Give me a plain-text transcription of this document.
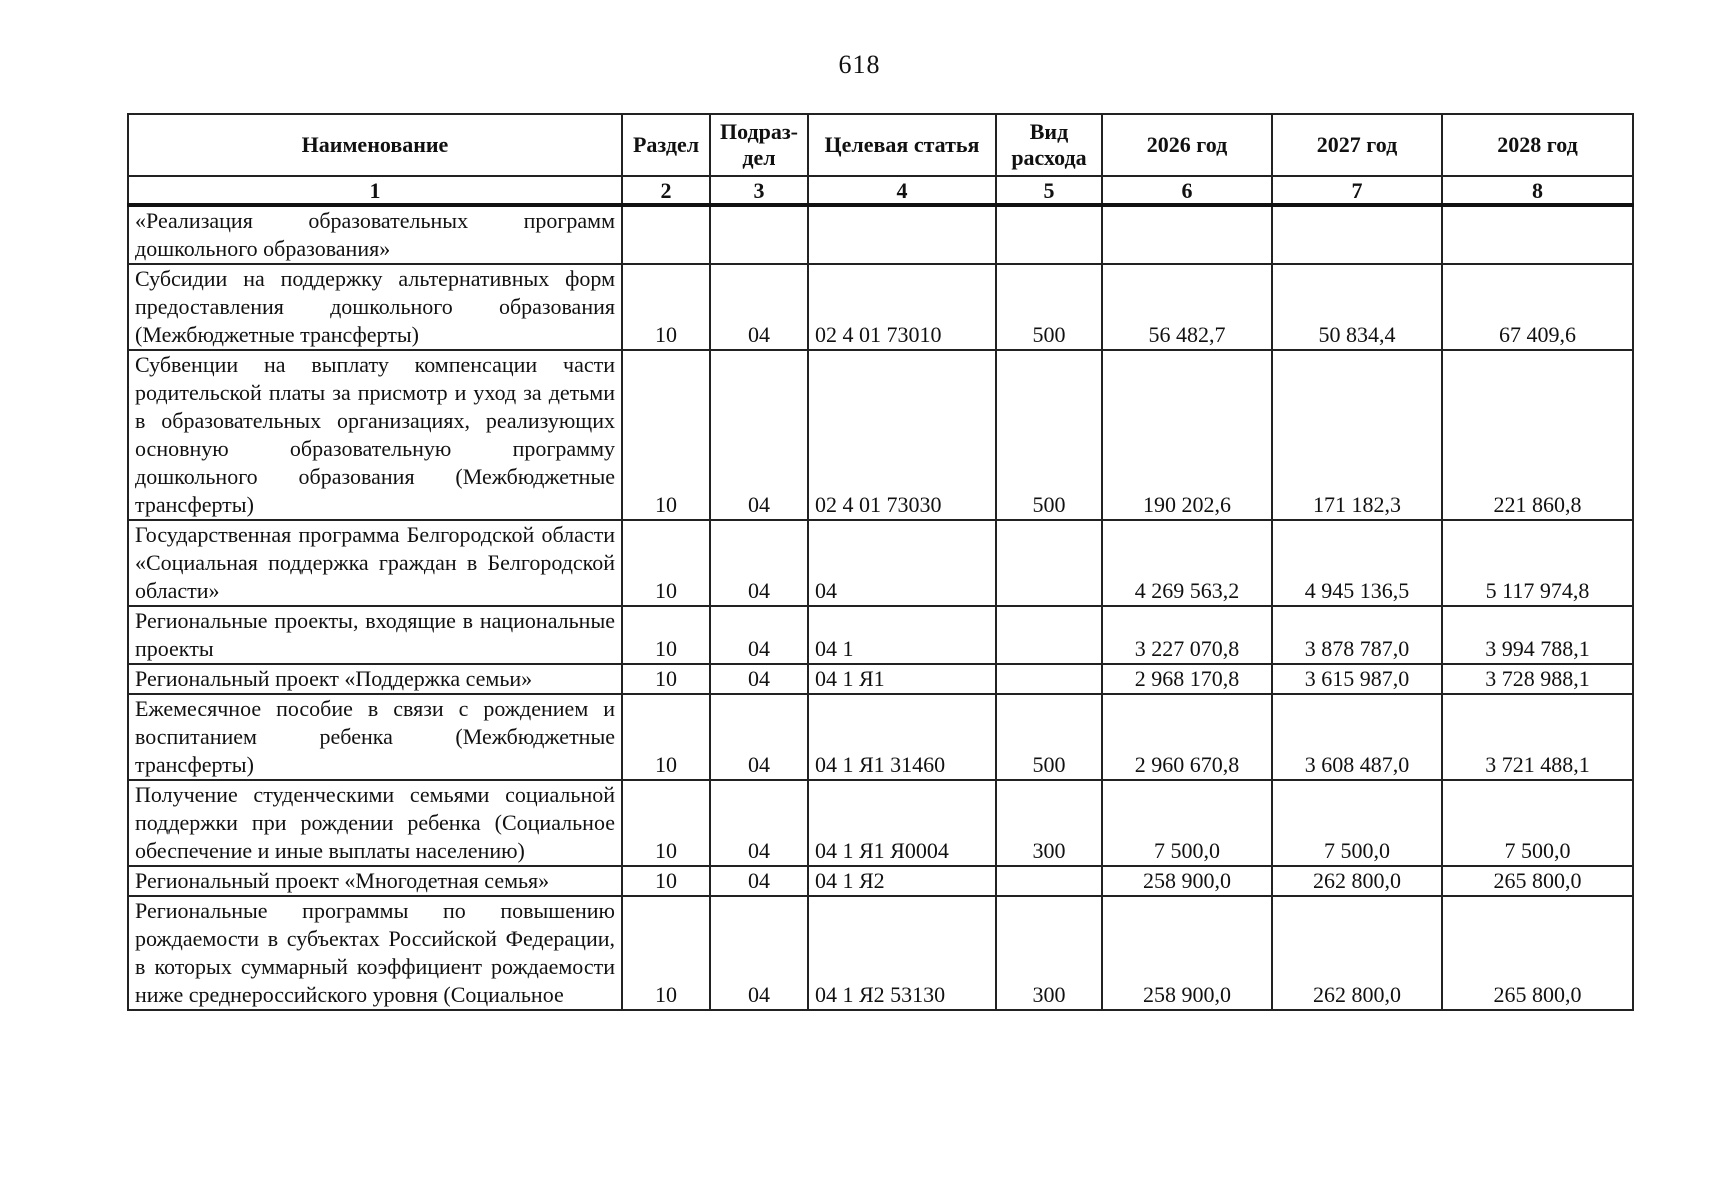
618
Наименование	Раздел	Подраз-дел	Целевая статья	Вид расхода	2026 год	2027 год	2028 год
1	2	3	4	5	6	7	8
«Реализация образовательных программ дошкольного образования»							
Субсидии на поддержку альтернативных форм предоставления дошкольного образования (Межбюджетные трансферты)	10	04	02 4 01 73010	500	56 482,7	50 834,4	67 409,6
Субвенции на выплату компенсации части родительской платы за присмотр и уход за детьми в образовательных организациях, реализующих основную образовательную программу дошкольного образования (Межбюджетные трансферты)	10	04	02 4 01 73030	500	190 202,6	171 182,3	221 860,8
Государственная программа Белгородской области «Социальная поддержка граждан в Белгородской области»	10	04	04		4 269 563,2	4 945 136,5	5 117 974,8
Региональные проекты, входящие в национальные проекты	10	04	04 1		3 227 070,8	3 878 787,0	3 994 788,1
Региональный проект «Поддержка семьи»	10	04	04 1 Я1		2 968 170,8	3 615 987,0	3 728 988,1
Ежемесячное пособие в связи с рождением и воспитанием ребенка (Межбюджетные трансферты)	10	04	04 1 Я1 31460	500	2 960 670,8	3 608 487,0	3 721 488,1
Получение студенческими семьями социальной поддержки при рождении ребенка (Социальное обеспечение и иные выплаты населению)	10	04	04 1 Я1 Я0004	300	7 500,0	7 500,0	7 500,0
Региональный проект «Многодетная семья»	10	04	04 1 Я2		258 900,0	262 800,0	265 800,0
Региональные программы по повышению рождаемости в субъектах Российской Федерации, в которых суммарный коэффициент рождаемости ниже среднероссийского уровня (Социальное	10	04	04 1 Я2 53130	300	258 900,0	262 800,0	265 800,0
